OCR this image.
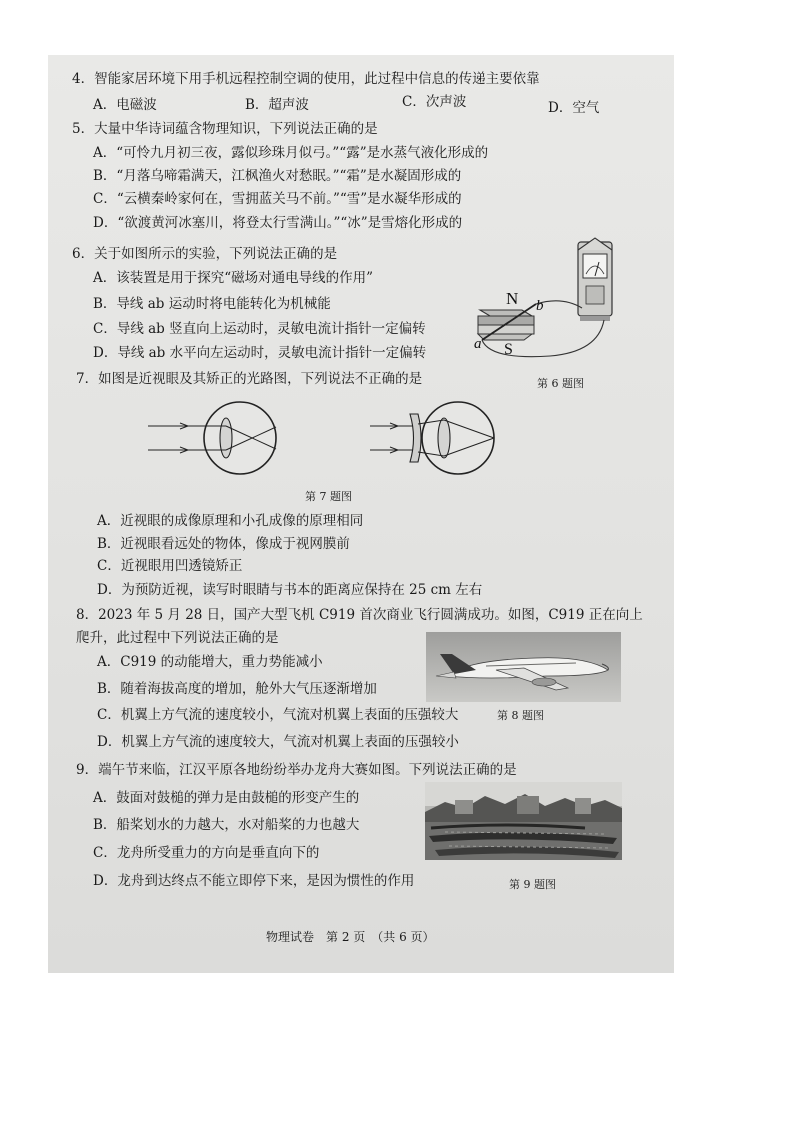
4．智能家居环境下用手机远程控制空调的使用，此过程中信息的传递主要依靠
A．电磁波	B．超声波	C．次声波	D．空气
5．大量中华诗词蕴含物理知识，下列说法正确的是
A．“可怜九月初三夜，露似珍珠月似弓。”“露”是水蒸气液化形成的
B．“月落乌啼霜满天，江枫渔火对愁眠。”“霜”是水凝固形成的
C．“云横秦岭家何在，雪拥蓝关马不前。”“雪”是水凝华形成的
D．“欲渡黄河冰塞川，将登太行雪满山。”“冰”是雪熔化形成的
6．关于如图所示的实验，下列说法正确的是
A．该装置是用于探究“磁场对通电导线的作用”
B．导线 ab 运动时将电能转化为机械能
C．导线 ab 竖直向上运动时，灵敏电流计指针一定偏转
D．导线 ab 水平向左运动时，灵敏电流计指针一定偏转
N b
a S
第 6 题图
7．如图是近视眼及其矫正的光路图，下列说法不正确的是
第 7 题图
A．近视眼的成像原理和小孔成像的原理相同
B．近视眼看远处的物体，像成于视网膜前
C．近视眼用凹透镜矫正
D．为预防近视，读写时眼睛与书本的距离应保持在 25 cm 左右
8．2023 年 5 月 28 日，国产大型飞机 C919 首次商业飞行圆满成功。如图，C919 正在向上
爬升，此过程中下列说法正确的是
A．C919 的动能增大，重力势能减小
B．随着海拔高度的增加，舱外大气压逐渐增加
C．机翼上方气流的速度较小，气流对机翼上表面的压强较大
D．机翼上方气流的速度较大，气流对机翼上表面的压强较小
第 8 题图
9．端午节来临，江汉平原各地纷纷举办龙舟大赛如图。下列说法正确的是
A．鼓面对鼓槌的弹力是由鼓槌的形变产生的
B．船桨划水的力越大，水对船桨的力也越大
C．龙舟所受重力的方向是垂直向下的
D．龙舟到达终点不能立即停下来，是因为惯性的作用	第 9 题图
物理试卷　第 2 页　（共 6 页）
